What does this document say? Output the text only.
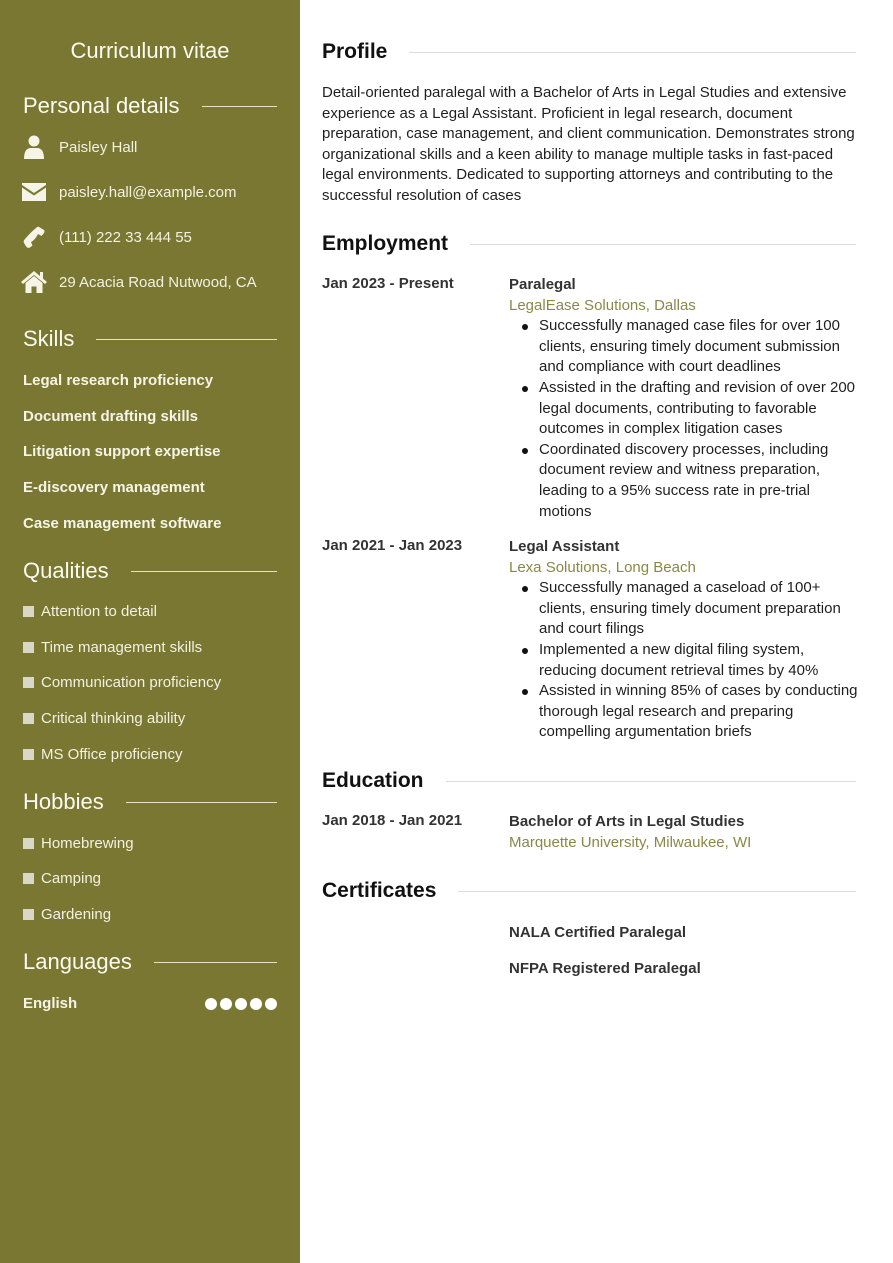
Curriculum vitae
Personal details
Paisley Hall
paisley.hall@example.com
(111) 222 33 444 55
29 Acacia Road Nutwood, CA
Skills
Legal research proficiency
Document drafting skills
Litigation support expertise
E-discovery management
Case management software
Qualities
Attention to detail
Time management skills
Communication proficiency
Critical thinking ability
MS Office proficiency
Hobbies
Homebrewing
Camping
Gardening
Languages
English
Profile

Detail-oriented paralegal with a Bachelor of Arts in Legal Studies and extensive experience as a Legal Assistant. Proficient in legal research, document preparation, case management, and client communication. Demonstrates strong organizational skills and a keen ability to manage multiple tasks in fast-paced legal environments. Dedicated to supporting attorneys and contributing to the successful resolution of cases

Employment
Jan 2023 - Present	Paralegal
LegalEase Solutions, Dallas
Successfully managed case files for over 100 clients, ensuring timely document submission and compliance with court deadlines
Assisted in the drafting and revision of over 200 legal documents, contributing to favorable outcomes in complex litigation cases
Coordinated discovery processes, including document review and witness preparation, leading to a 95% success rate in pre-trial motions
Jan 2021 - Jan 2023	Legal Assistant
Lexa Solutions, Long Beach
Successfully managed a caseload of 100+ clients, ensuring timely document preparation and court filings
Implemented a new digital filing system, reducing document retrieval times by 40%
Assisted in winning 85% of cases by conducting thorough legal research and preparing compelling argumentation briefs
Education
Jan 2018 - Jan 2021	Bachelor of Arts in Legal Studies
Marquette University, Milwaukee, WI
Certificates
NALA Certified Paralegal
NFPA Registered Paralegal
